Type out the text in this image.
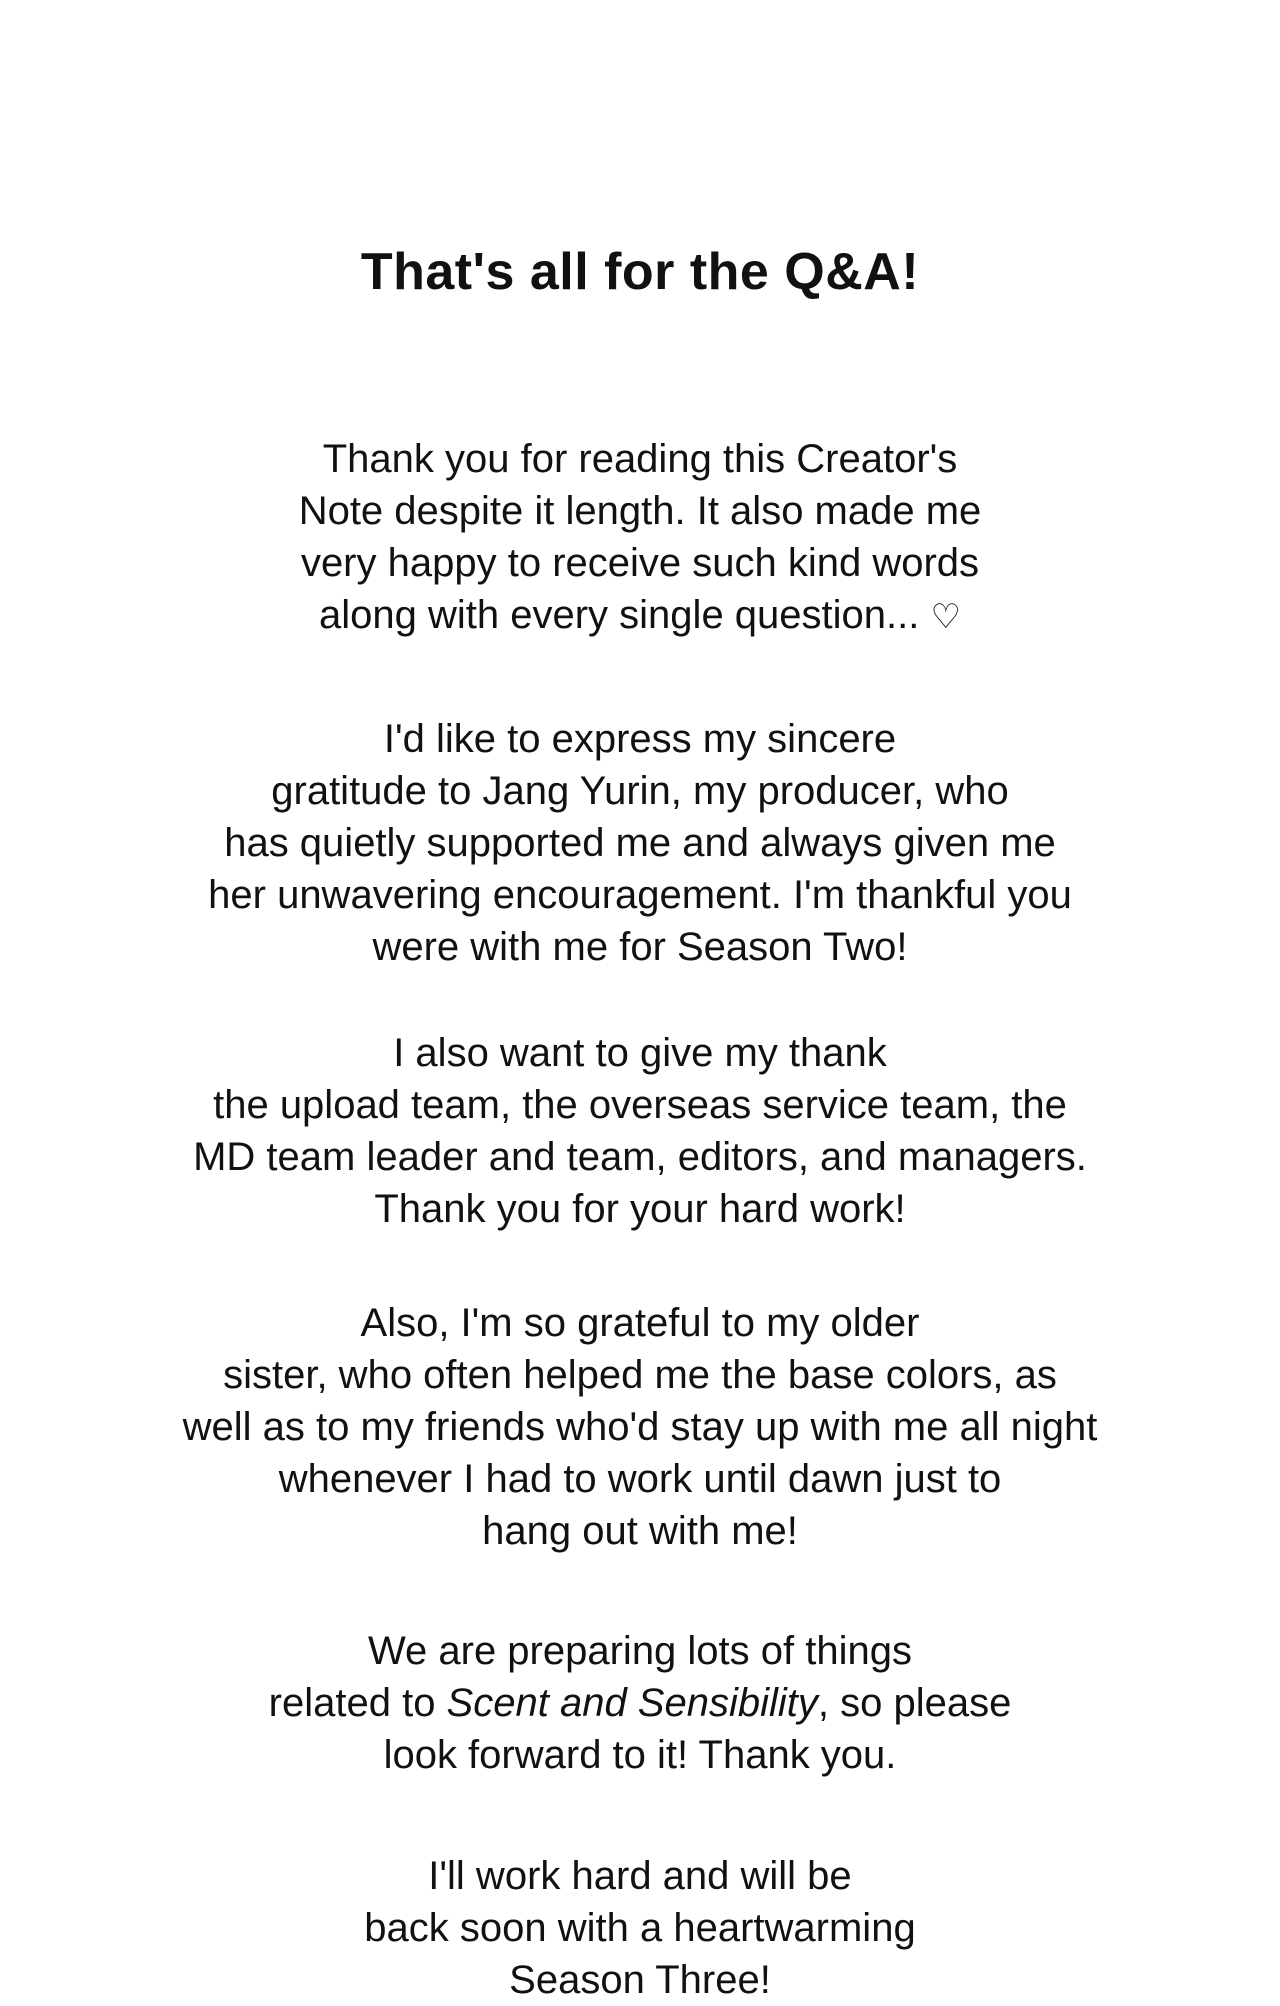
That's all for the Q&A!

Thank you for reading this Creator's
Note despite it length. It also made me
very happy to receive such kind words
along with every single question... ♡

I'd like to express my sincere
gratitude to Jang Yurin, my producer, who
has quietly supported me and always given me
her unwavering encouragement. I'm thankful you
were with me for Season Two!

I also want to give my thank
the upload team, the overseas service team, the
MD team leader and team, editors, and managers.
Thank you for your hard work!

Also, I'm so grateful to my older
sister, who often helped me the base colors, as
well as to my friends who'd stay up with me all night
whenever I had to work until dawn just to
hang out with me!

We are preparing lots of things
related to Scent and Sensibility, so please
look forward to it! Thank you.

I'll work hard and will be
back soon with a heartwarming
Season Three!
